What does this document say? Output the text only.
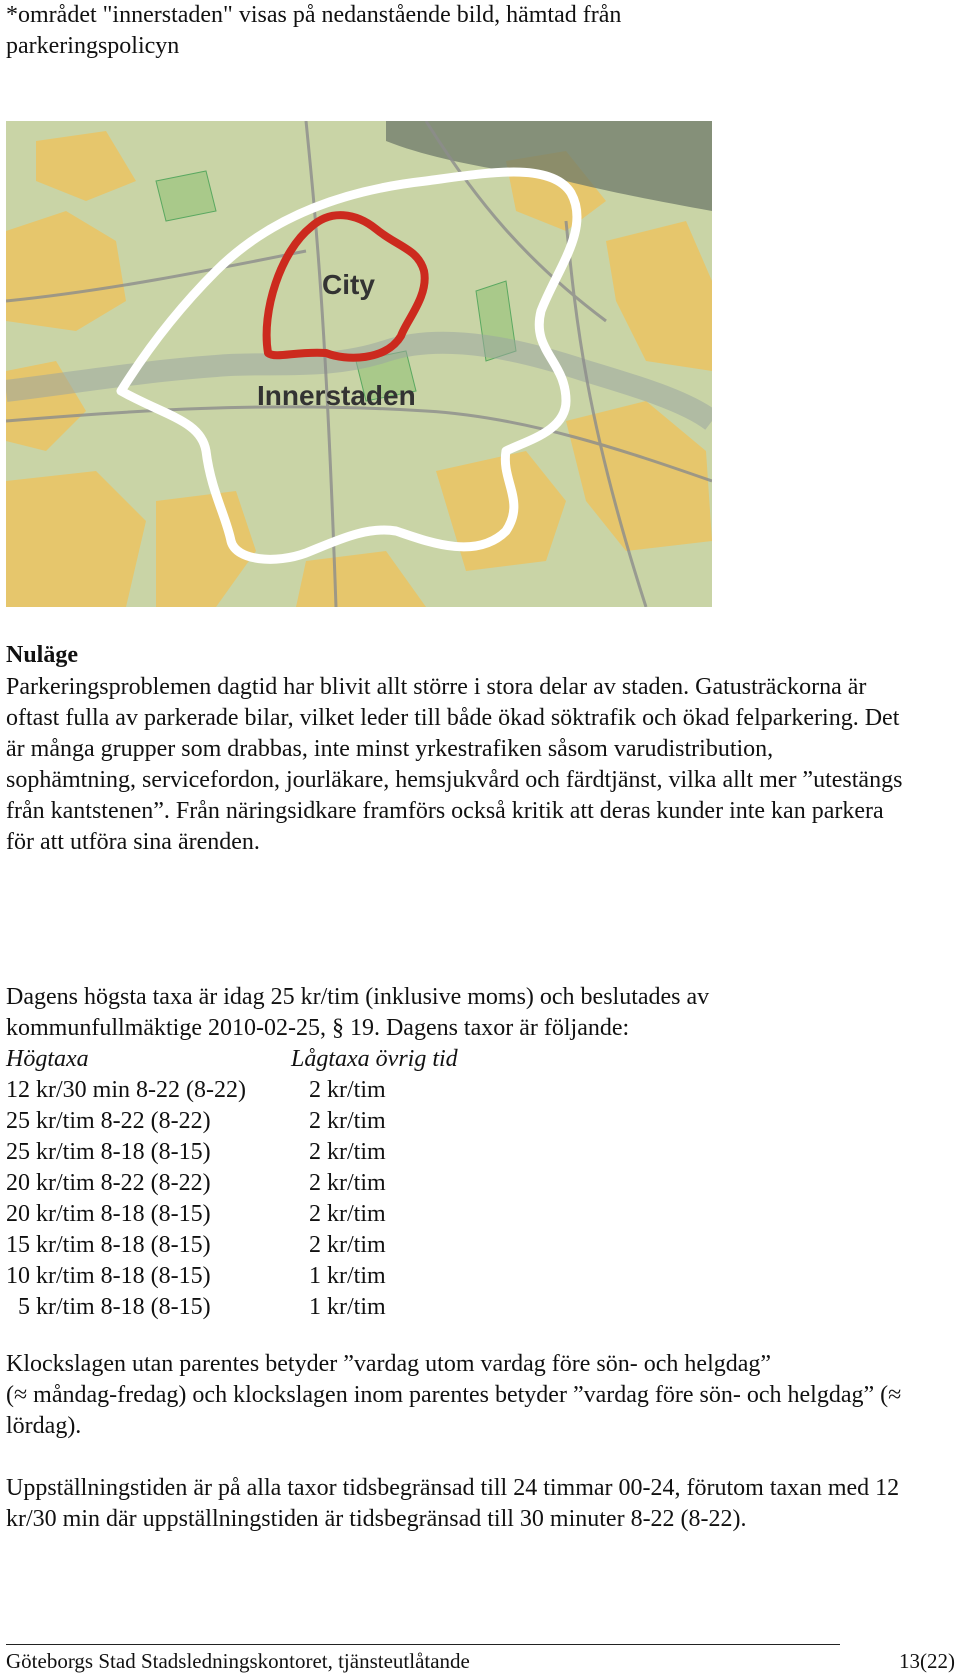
*området "innerstaden" visas på nedanstående bild, hämtad från
parkeringspolicyn
City
Innerstaden
Nuläge
Parkeringsproblemen dagtid har blivit allt större i stora delar av staden. Gatusträckorna är oftast fulla av parkerade bilar, vilket leder till både ökad söktrafik och ökad felparkering. Det är många grupper som drabbas, inte minst yrkestrafiken såsom varudistribution, sophämtning, servicefordon, jourläkare, hemsjukvård och färdtjänst, vilka allt mer ”utestängs från kantstenen”. Från näringsidkare framförs också kritik att deras kunder inte kan parkera för att utföra sina ärenden.
Dagens högsta taxa är idag 25 kr/tim (inklusive moms) och beslutades av kommunfullmäktige 2010-02-25, § 19. Dagens taxor är följande:
Högtaxa	Lågtaxa övrig tid
12 kr/30 min 8-22 (8-22)	2 kr/tim
25 kr/tim 8-22 (8-22)	2 kr/tim
25 kr/tim 8-18 (8-15)	2 kr/tim
20 kr/tim 8-22 (8-22)	2 kr/tim
20 kr/tim 8-18 (8-15)	2 kr/tim
15 kr/tim 8-18 (8-15)	2 kr/tim
10 kr/tim 8-18 (8-15)	1 kr/tim
5 kr/tim 8-18 (8-15)	1 kr/tim
Klockslagen utan parentes betyder ”vardag utom vardag före sön- och helgdag”
(≈ måndag-fredag) och klockslagen inom parentes betyder ”vardag före sön- och helgdag” (≈ lördag).
Uppställningstiden är på alla taxor tidsbegränsad till 24 timmar 00-24, förutom taxan med 12 kr/30 min där uppställningstiden är tidsbegränsad till 30 minuter 8-22 (8-22).
Göteborgs Stad Stadsledningskontoret, tjänsteutlåtande	13(22)
